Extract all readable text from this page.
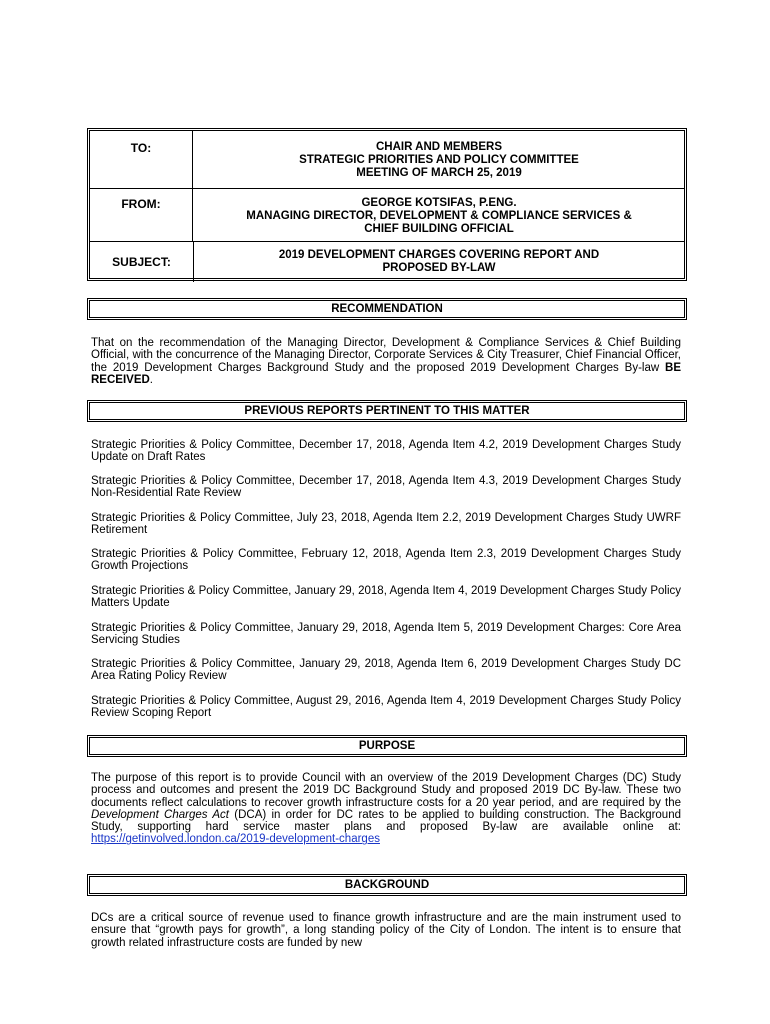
TO:	CHAIR AND MEMBERS
STRATEGIC PRIORITIES AND POLICY COMMITTEE
MEETING OF MARCH 25, 2019
FROM:	GEORGE KOTSIFAS, P.ENG.
MANAGING DIRECTOR, DEVELOPMENT & COMPLIANCE SERVICES &
CHIEF BUILDING OFFICIAL
SUBJECT:	2019 DEVELOPMENT CHARGES COVERING REPORT AND
PROPOSED BY-LAW
RECOMMENDATION
That on the recommendation of the Managing Director, Development & Compliance Services & Chief Building Official, with the concurrence of the Managing Director, Corporate Services & City Treasurer, Chief Financial Officer, the 2019 Development Charges Background Study and the proposed 2019 Development Charges By-law BE RECEIVED.
PREVIOUS REPORTS PERTINENT TO THIS MATTER
Strategic Priorities & Policy Committee, December 17, 2018, Agenda Item 4.2, 2019 Development Charges Study Update on Draft Rates
Strategic Priorities & Policy Committee, December 17, 2018, Agenda Item 4.3, 2019 Development Charges Study Non-Residential Rate Review
Strategic Priorities & Policy Committee, July 23, 2018, Agenda Item 2.2, 2019 Development Charges Study UWRF Retirement
Strategic Priorities & Policy Committee, February 12, 2018, Agenda Item 2.3, 2019 Development Charges Study Growth Projections
Strategic Priorities & Policy Committee, January 29, 2018, Agenda Item 4, 2019 Development Charges Study Policy Matters Update
Strategic Priorities & Policy Committee, January 29, 2018, Agenda Item 5, 2019 Development Charges: Core Area Servicing Studies
Strategic Priorities & Policy Committee, January 29, 2018, Agenda Item 6, 2019 Development Charges Study DC Area Rating Policy Review
Strategic Priorities & Policy Committee, August 29, 2016, Agenda Item 4, 2019 Development Charges Study Policy Review Scoping Report
PURPOSE
The purpose of this report is to provide Council with an overview of the 2019 Development Charges (DC) Study process and outcomes and present the 2019 DC Background Study and proposed 2019 DC By-law. These two documents reflect calculations to recover growth infrastructure costs for a 20 year period, and are required by the Development Charges Act (DCA) in order for DC rates to be applied to building construction. The Background Study, supporting hard service master plans and proposed By-law are available online at: https://getinvolved.london.ca/2019-development-charges
BACKGROUND
DCs are a critical source of revenue used to finance growth infrastructure and are the main instrument used to ensure that “growth pays for growth”, a long standing policy of the City of London. The intent is to ensure that growth related infrastructure costs are funded by new
